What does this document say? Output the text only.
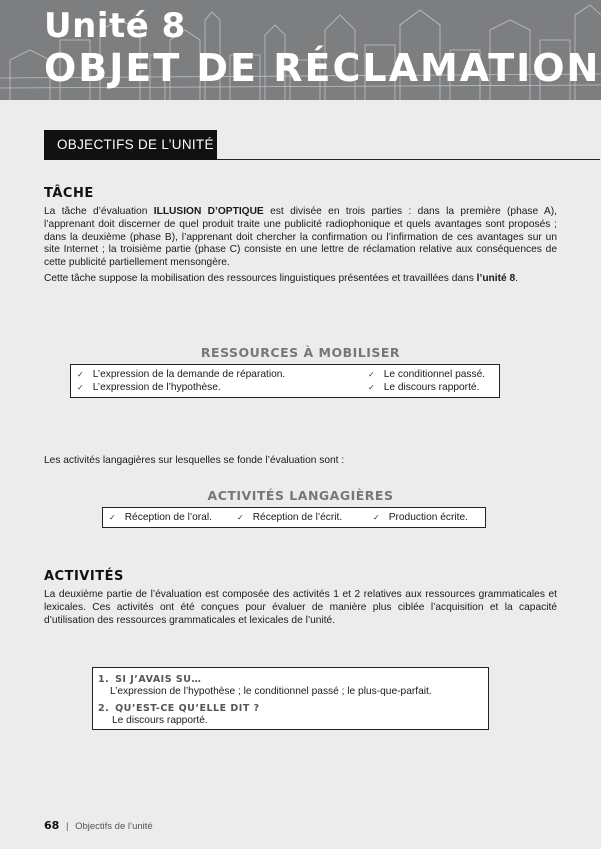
Unité 8
OBJET DE RÉCLAMATION
OBJECTIFS DE L’UNITÉ
TÂCHE
La tâche d’évaluation ILLUSION D’OPTIQUE est divisée en trois parties : dans la première (phase A), l’apprenant doit discerner de quel produit traite une publicité radiophonique et quels avantages sont proposés ; dans la deuxième (phase B), l’apprenant doit chercher la confirmation ou l’infirmation de ces avantages sur un site Internet ; la troisième partie (phase C) consiste en une lettre de réclamation relative aux conséquences de cette publicité partiellement mensongère.
Cette tâche suppose la mobilisation des ressources linguistiques présentées et travaillées dans l’unité 8.
RESSOURCES À MOBILISER
✓ L’expression de la demande de réparation.
✓ L’expression de l’hypothèse.
✓ Le conditionnel passé.
✓ Le discours rapporté.
Les activités langagières sur lesquelles se fonde l’évaluation sont :
ACTIVITÉS LANGAGIÈRES
✓ Réception de l’oral.	✓ Réception de l’écrit.	✓ Production écrite.
ACTIVITÉS
La deuxième partie de l’évaluation est composée des activités 1 et 2 relatives aux ressources grammaticales et lexicales. Ces activités ont été conçues pour évaluer de manière plus ciblée l’acquisition et la capacité d’utilisation des ressources grammaticales et lexicales de l’unité.
1. SI J’AVAIS SU…
L’expression de l’hypothèse ; le conditionnel passé ; le plus-que-parfait.
2. QU’EST-CE QU’ELLE DIT ?
Le discours rapporté.
68 | Objectifs de l’unité
